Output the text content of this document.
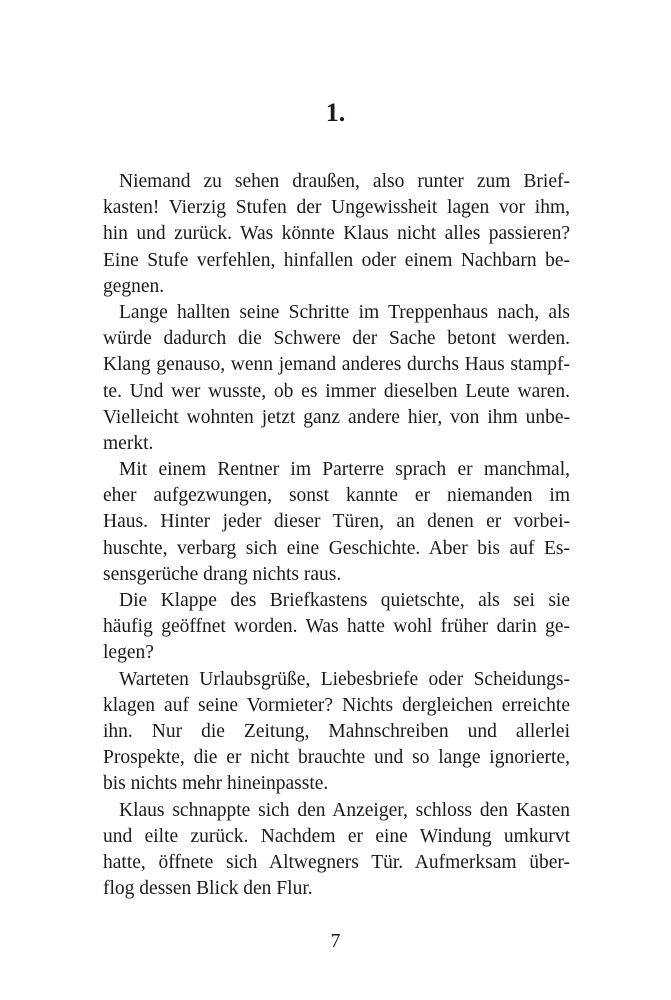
1.
Niemand zu sehen draußen, also runter zum Brief-
kasten! Vierzig Stufen der Ungewissheit lagen vor ihm,
hin und zurück. Was könnte Klaus nicht alles passieren?
Eine Stufe verfehlen, hinfallen oder einem Nachbarn be-
gegnen.
Lange hallten seine Schritte im Treppenhaus nach, als
würde dadurch die Schwere der Sache betont werden.
Klang genauso, wenn jemand anderes durchs Haus stampf-
te. Und wer wusste, ob es immer dieselben Leute waren.
Vielleicht wohnten jetzt ganz andere hier, von ihm unbe-
merkt.
Mit einem Rentner im Parterre sprach er manchmal,
eher aufgezwungen, sonst kannte er niemanden im
Haus. Hinter jeder dieser Türen, an denen er vorbei-
huschte, verbarg sich eine Geschichte. Aber bis auf Es-
sensgerüche drang nichts raus.
Die Klappe des Briefkastens quietschte, als sei sie
häufig geöffnet worden. Was hatte wohl früher darin ge-
legen?
Warteten Urlaubsgrüße, Liebesbriefe oder Scheidungs-
klagen auf seine Vormieter? Nichts dergleichen erreichte
ihn. Nur die Zeitung, Mahnschreiben und allerlei
Prospekte, die er nicht brauchte und so lange ignorierte,
bis nichts mehr hineinpasste.
Klaus schnappte sich den Anzeiger, schloss den Kasten
und eilte zurück. Nachdem er eine Windung umkurvt
hatte, öffnete sich Altwegners Tür. Aufmerksam über-
flog dessen Blick den Flur.
7
